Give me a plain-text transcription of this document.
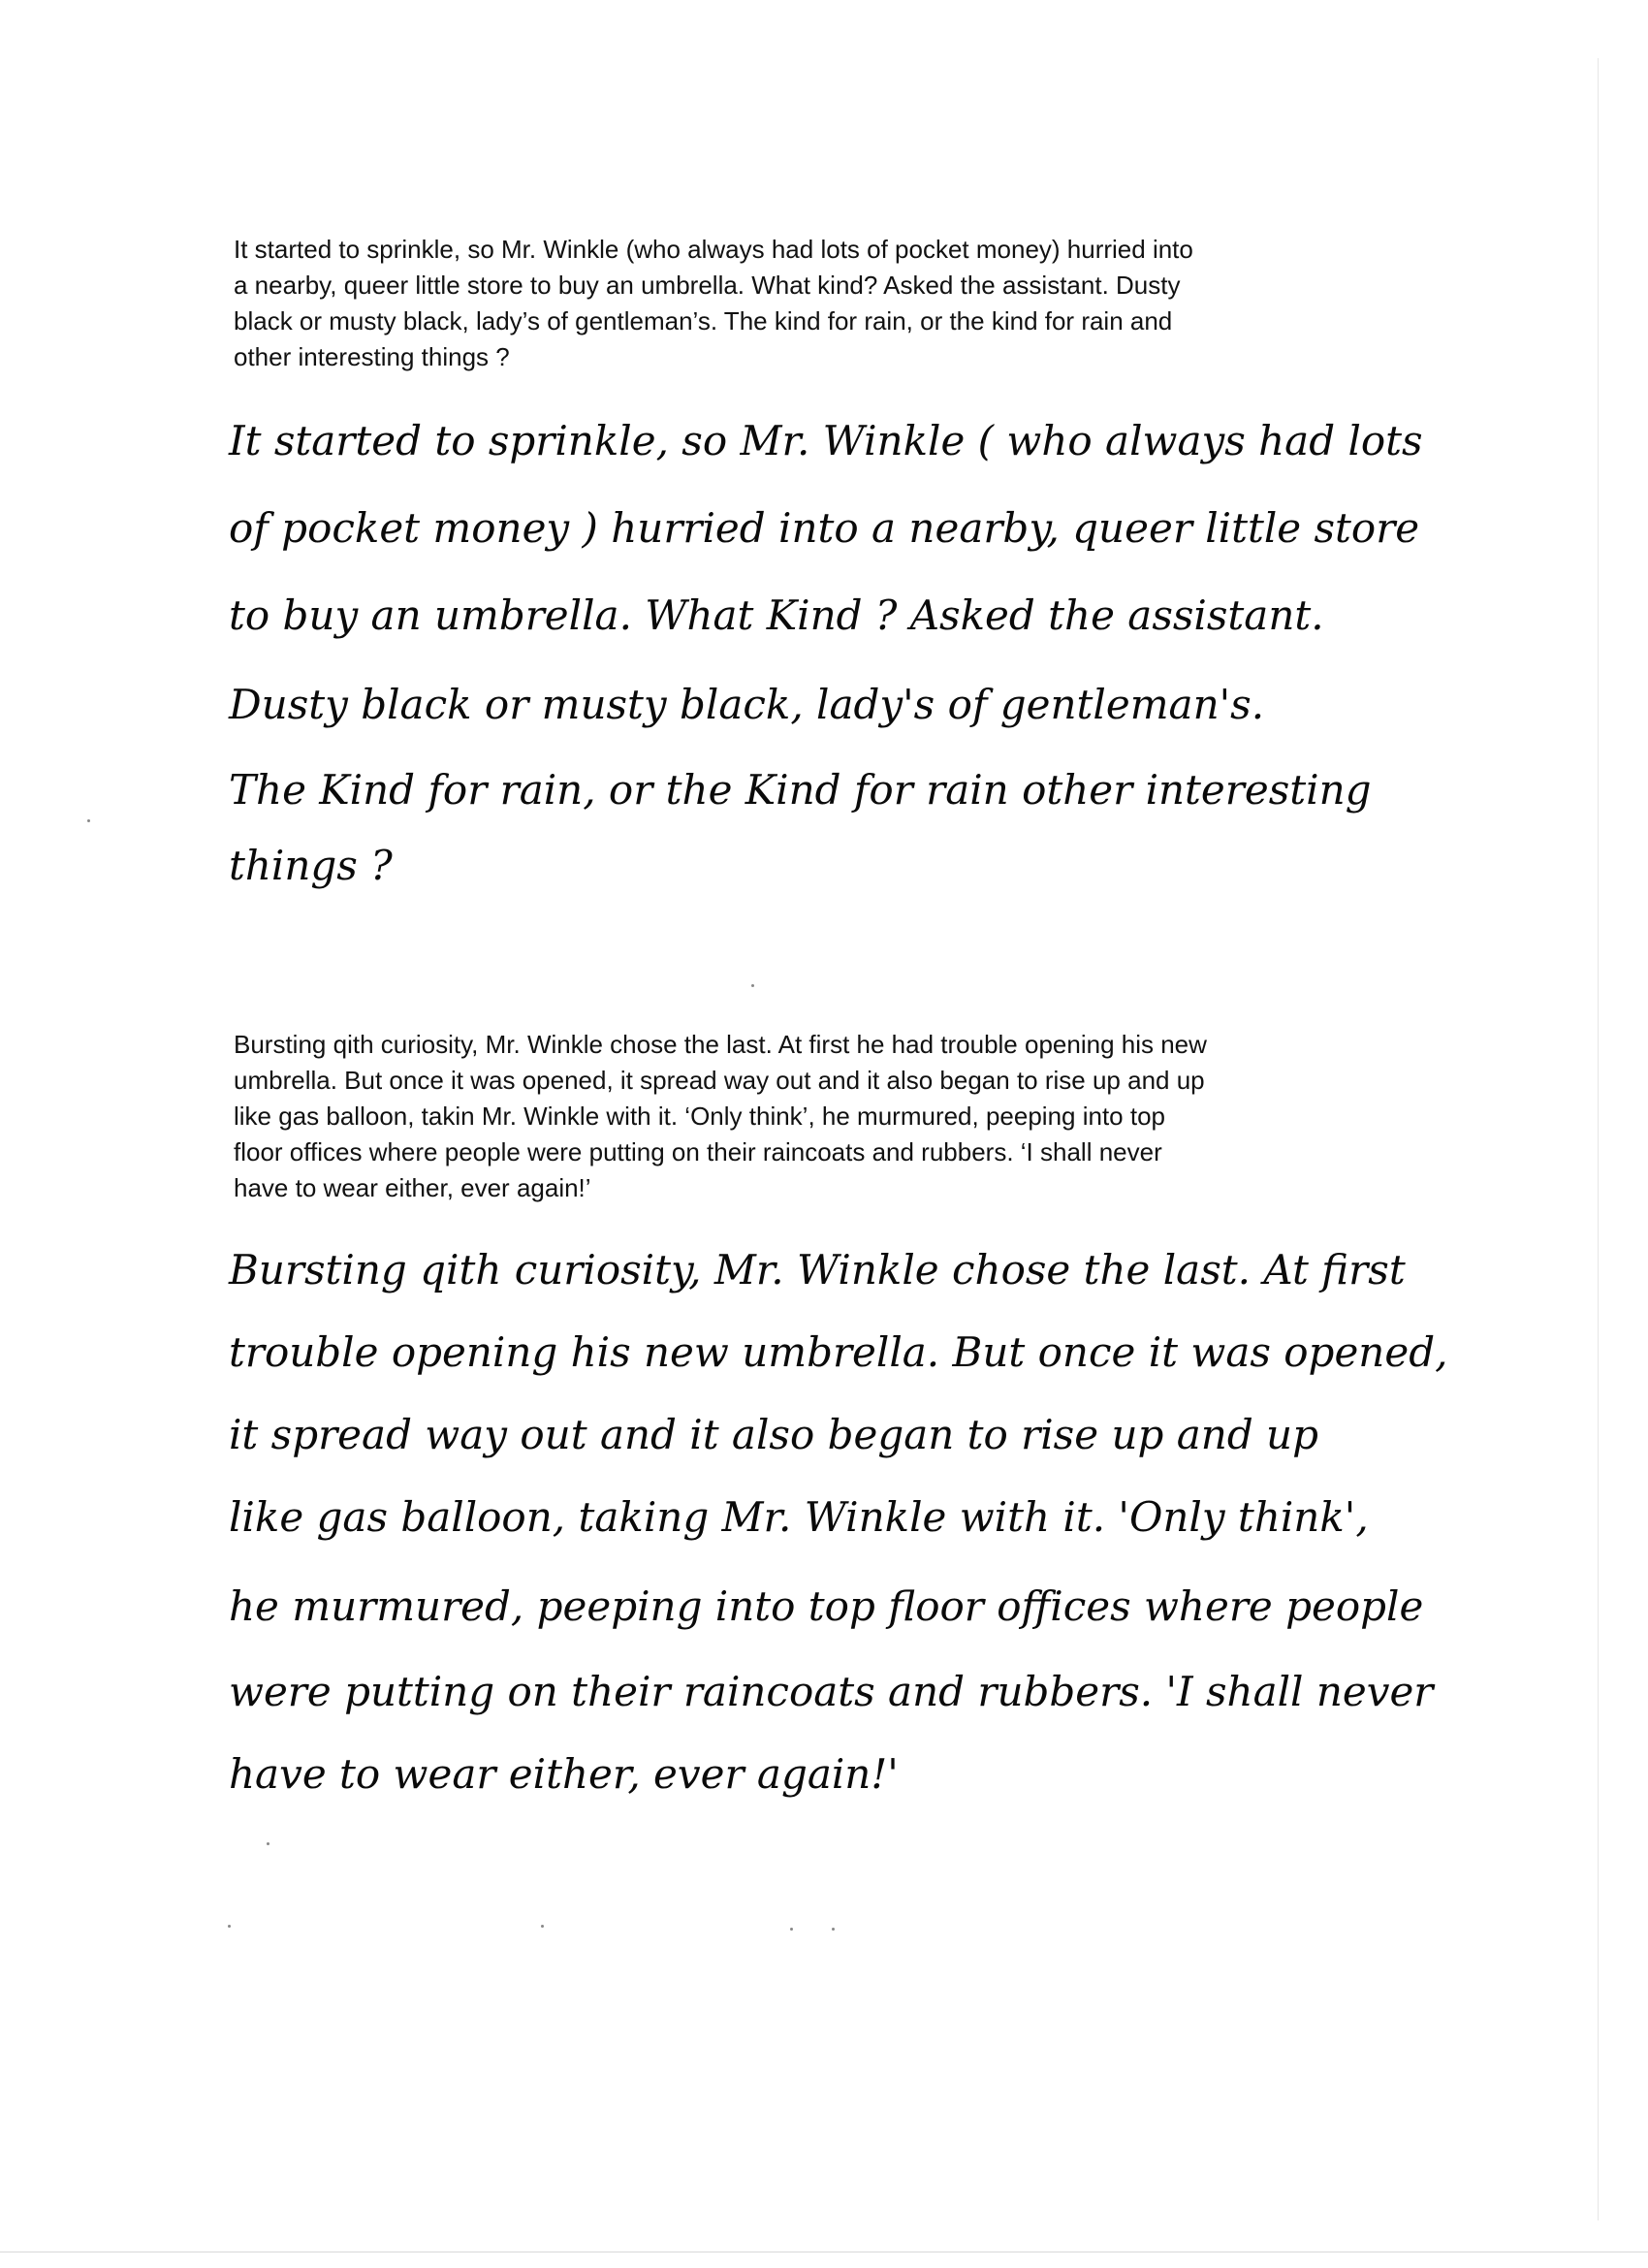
It started to sprinkle, so Mr. Winkle (who always had lots of pocket money) hurried into
a nearby, queer little store to buy an umbrella. What kind? Asked the assistant. Dusty
black or musty black, lady’s of gentleman’s. The kind for rain, or the kind for rain and
other interesting things ?
It started to sprinkle, so Mr. Winkle ( who always had lots
of pocket money ) hurried into a nearby, queer little store
to buy an umbrella. What Kind ? Asked the assistant.
Dusty black or musty black, lady's of gentleman's.
The Kind for rain, or the Kind for rain other interesting
things ?
Bursting qith curiosity, Mr. Winkle chose the last. At first he had trouble opening his new
umbrella. But once it was opened, it spread way out and it also began to rise up and up
like gas balloon, takin Mr. Winkle with it. ‘Only think’, he murmured, peeping into top
floor offices where people were putting on their raincoats and rubbers. ‘I shall never
have to wear either, ever again!’
Bursting qith curiosity, Mr. Winkle chose the last. At first
trouble opening his new umbrella. But once it was opened,
it spread way out and it also began to rise up and up
like gas balloon, taking Mr. Winkle with it. 'Only think',
he murmured, peeping into top floor offices where people
were putting on their raincoats and rubbers. 'I shall never
have to wear either, ever again!'
